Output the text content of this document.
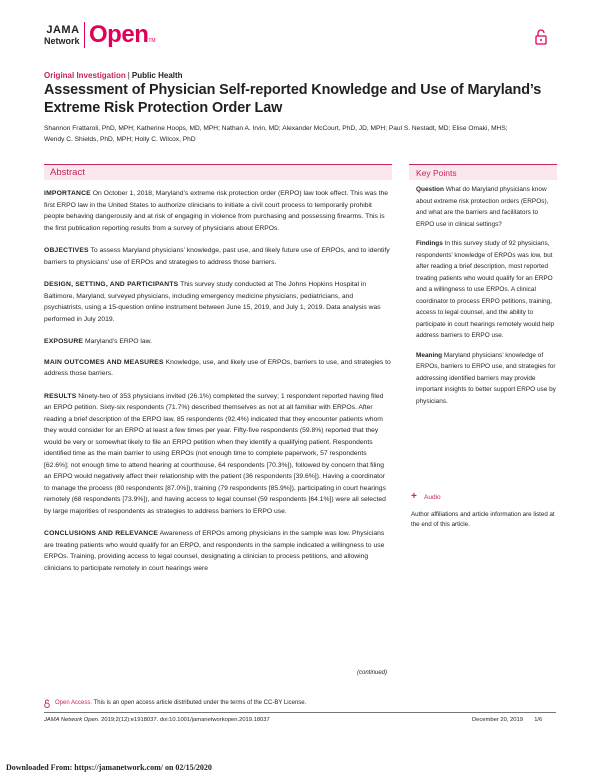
JAMA
Network Open TM
Original Investigation | Public Health
Assessment of Physician Self-reported Knowledge and Use of Maryland’s Extreme Risk Protection Order Law
Shannon Frattaroli, PhD, MPH; Katherine Hoops, MD, MPH; Nathan A. Irvin, MD; Alexander McCourt, PhD, JD, MPH; Paul S. Nestadt, MD; Elise Omaki, MHS;
Wendy C. Shields, PhD, MPH; Holly C. Wilcox, PhD
Abstract

IMPORTANCE On October 1, 2018, Maryland’s extreme risk protection order (ERPO) law took effect. This was the first ERPO law in the United States to authorize clinicians to initiate a civil court process to temporarily prohibit people behaving dangerously and at risk of engaging in violence from purchasing and possessing firearms. This is the first publication reporting results from a survey of physicians about ERPOs.

OBJECTIVES To assess Maryland physicians’ knowledge, past use, and likely future use of ERPOs, and to identify barriers to physicians’ use of ERPOs and strategies to address those barriers.

DESIGN, SETTING, AND PARTICIPANTS This survey study conducted at The Johns Hopkins Hospital in Baltimore, Maryland, surveyed physicians, including emergency medicine physicians, pediatricians, and psychiatrists, using a 15-question online instrument between June 15, 2019, and July 1, 2019. Data analysis was performed in July 2019.

EXPOSURE Maryland’s ERPO law.

MAIN OUTCOMES AND MEASURES Knowledge, use, and likely use of ERPOs, barriers to use, and strategies to address those barriers.

RESULTS Ninety-two of 353 physicians invited (26.1%) completed the survey; 1 respondent reported having filed an ERPO petition. Sixty-six respondents (71.7%) described themselves as not at all familiar with ERPOs. After reading a brief description of the ERPO law, 85 respondents (92.4%) indicated that they encounter patients whom they would consider for an ERPO at least a few times per year. Fifty-five respondents (59.8%) reported that they would be very or somewhat likely to file an ERPO petition when they identify a qualifying patient. Respondents identified time as the main barrier to using ERPOs (not enough time to complete paperwork, 57 respondents [62.6%]; not enough time to attend hearing at courthouse, 64 respondents [70.3%]), followed by concern that filing an ERPO would negatively affect their relationship with the patient (36 respondents [39.6%]). Having a coordinator to manage the process (80 respondents [87.0%]), training (79 respondents [85.9%]), participating in court hearings remotely (68 respondents [73.9%]), and having access to legal counsel (59 respondents [64.1%]) were all selected by large majorities of respondents as strategies to address barriers to ERPO use.

CONCLUSIONS AND RELEVANCE Awareness of ERPOs among physicians in the sample was low. Physicians are treating patients who would qualify for an ERPO, and respondents in the sample indicated a willingness to use ERPOs. Training, providing access to legal counsel, designating a clinician to process petitions, and allowing clinicians to participate remotely in court hearings were

(continued)
Key Points

Question What do Maryland physicians know about extreme risk protection orders (ERPOs), and what are the barriers and facilitators to ERPO use in clinical settings?

Findings In this survey study of 92 physicians, respondents’ knowledge of ERPOs was low, but after reading a brief description, most reported treating patients who would qualify for an ERPO and a willingness to use ERPOs. A clinical coordinator to process ERPO petitions, training, access to legal counsel, and the ability to participate in court hearings remotely would help address barriers to ERPO use.

Meaning Maryland physicians’ knowledge of ERPOs, barriers to ERPO use, and strategies for addressing identified barriers may provide important insights to better support ERPO use by physicians.

+	Audio
Author affiliations and article information are listed at the end of this article.
Open Access. This is an open access article distributed under the terms of the CC-BY License.
JAMA Network Open. 2019;2(12):e1918037. doi:10.1001/jamanetworkopen.2019.18037	December 20, 2019 1/6
Downloaded From: https://jamanetwork.com/ on 02/15/2020
